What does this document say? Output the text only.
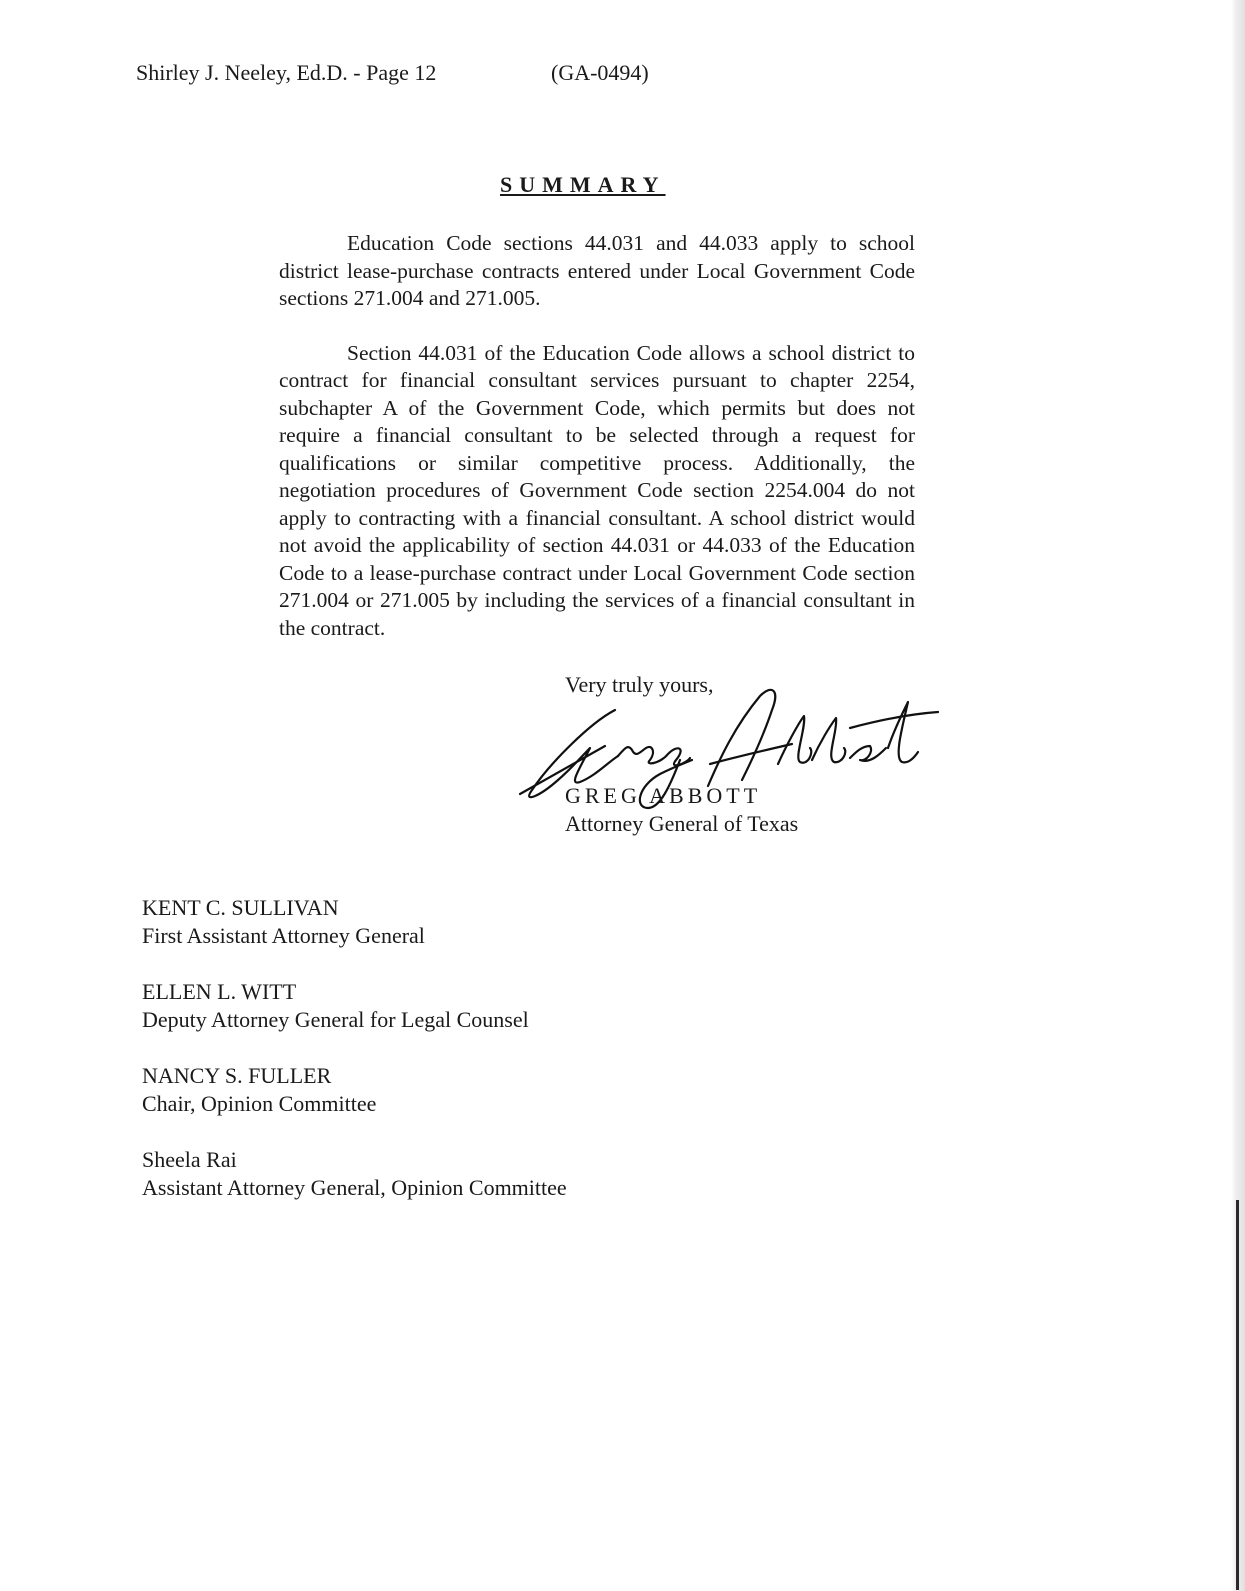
Shirley J. Neeley, Ed.D. - Page 12	(GA-0494)
SUMMARY

Education Code sections 44.031 and 44.033 apply to school district lease-purchase contracts entered under Local Government Code sections 271.004 and 271.005.

Section 44.031 of the Education Code allows a school district to contract for financial consultant services pursuant to chapter 2254, subchapter A of the Government Code, which permits but does not require a financial consultant to be selected through a request for qualifications or similar competitive process. Additionally, the negotiation procedures of Government Code section 2254.004 do not apply to contracting with a financial consultant. A school district would not avoid the applicability of section 44.031 or 44.033 of the Education Code to a lease-purchase contract under Local Government Code section 271.004 or 271.005 by including the services of a financial consultant in the contract.

Very truly yours,
GREG ABBOTT
Attorney General of Texas
KENT C. SULLIVAN
First Assistant Attorney General
ELLEN L. WITT
Deputy Attorney General for Legal Counsel
NANCY S. FULLER
Chair, Opinion Committee
Sheela Rai
Assistant Attorney General, Opinion Committee
